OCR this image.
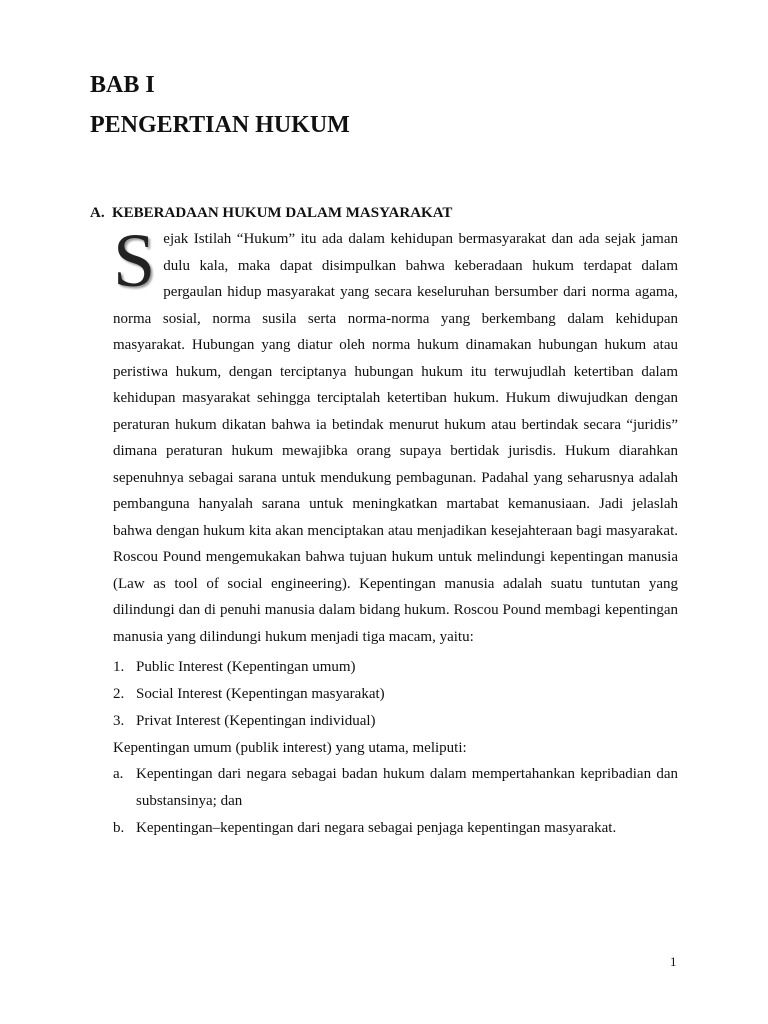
BAB I
PENGERTIAN HUKUM
A. KEBERADAAN HUKUM DALAM MASYARAKAT

Sejak Istilah “Hukum” itu ada dalam kehidupan bermasyarakat dan ada sejak jaman dulu kala, maka dapat disimpulkan bahwa keberadaan hukum terdapat dalam pergaulan hidup masyarakat yang secara keseluruhan bersumber dari norma agama, norma sosial, norma susila serta norma-norma yang berkembang dalam kehidupan masyarakat. Hubungan yang diatur oleh norma hukum dinamakan hubungan hukum atau peristiwa hukum, dengan terciptanya hubungan hukum itu terwujudlah ketertiban dalam kehidupan masyarakat sehingga terciptalah ketertiban hukum. Hukum diwujudkan dengan peraturan hukum dikatan bahwa ia betindak menurut hukum atau bertindak secara “juridis” dimana peraturan hukum mewajibka orang supaya bertidak jurisdis. Hukum diarahkan sepenuhnya sebagai sarana untuk mendukung pembagunan. Padahal yang seharusnya adalah pembanguna hanyalah sarana untuk meningkatkan martabat kemanusiaan. Jadi jelaslah bahwa dengan hukum kita akan menciptakan atau menjadikan kesejahteraan bagi masyarakat. Roscou Pound mengemukakan bahwa tujuan hukum untuk melindungi kepentingan manusia (Law as tool of social engineering). Kepentingan manusia adalah suatu tuntutan yang dilindungi dan di penuhi manusia dalam bidang hukum. Roscou Pound membagi kepentingan manusia yang dilindungi hukum menjadi tiga macam, yaitu:

1. Public Interest (Kepentingan umum)
2. Social Interest (Kepentingan masyarakat)
3. Privat Interest (Kepentingan individual)

Kepentingan umum (publik interest) yang utama, meliputi:

a. Kepentingan dari negara sebagai badan hukum dalam mempertahankan kepribadian dan substansinya; dan
b. Kepentingan–kepentingan dari negara sebagai penjaga kepentingan masyarakat.
1
